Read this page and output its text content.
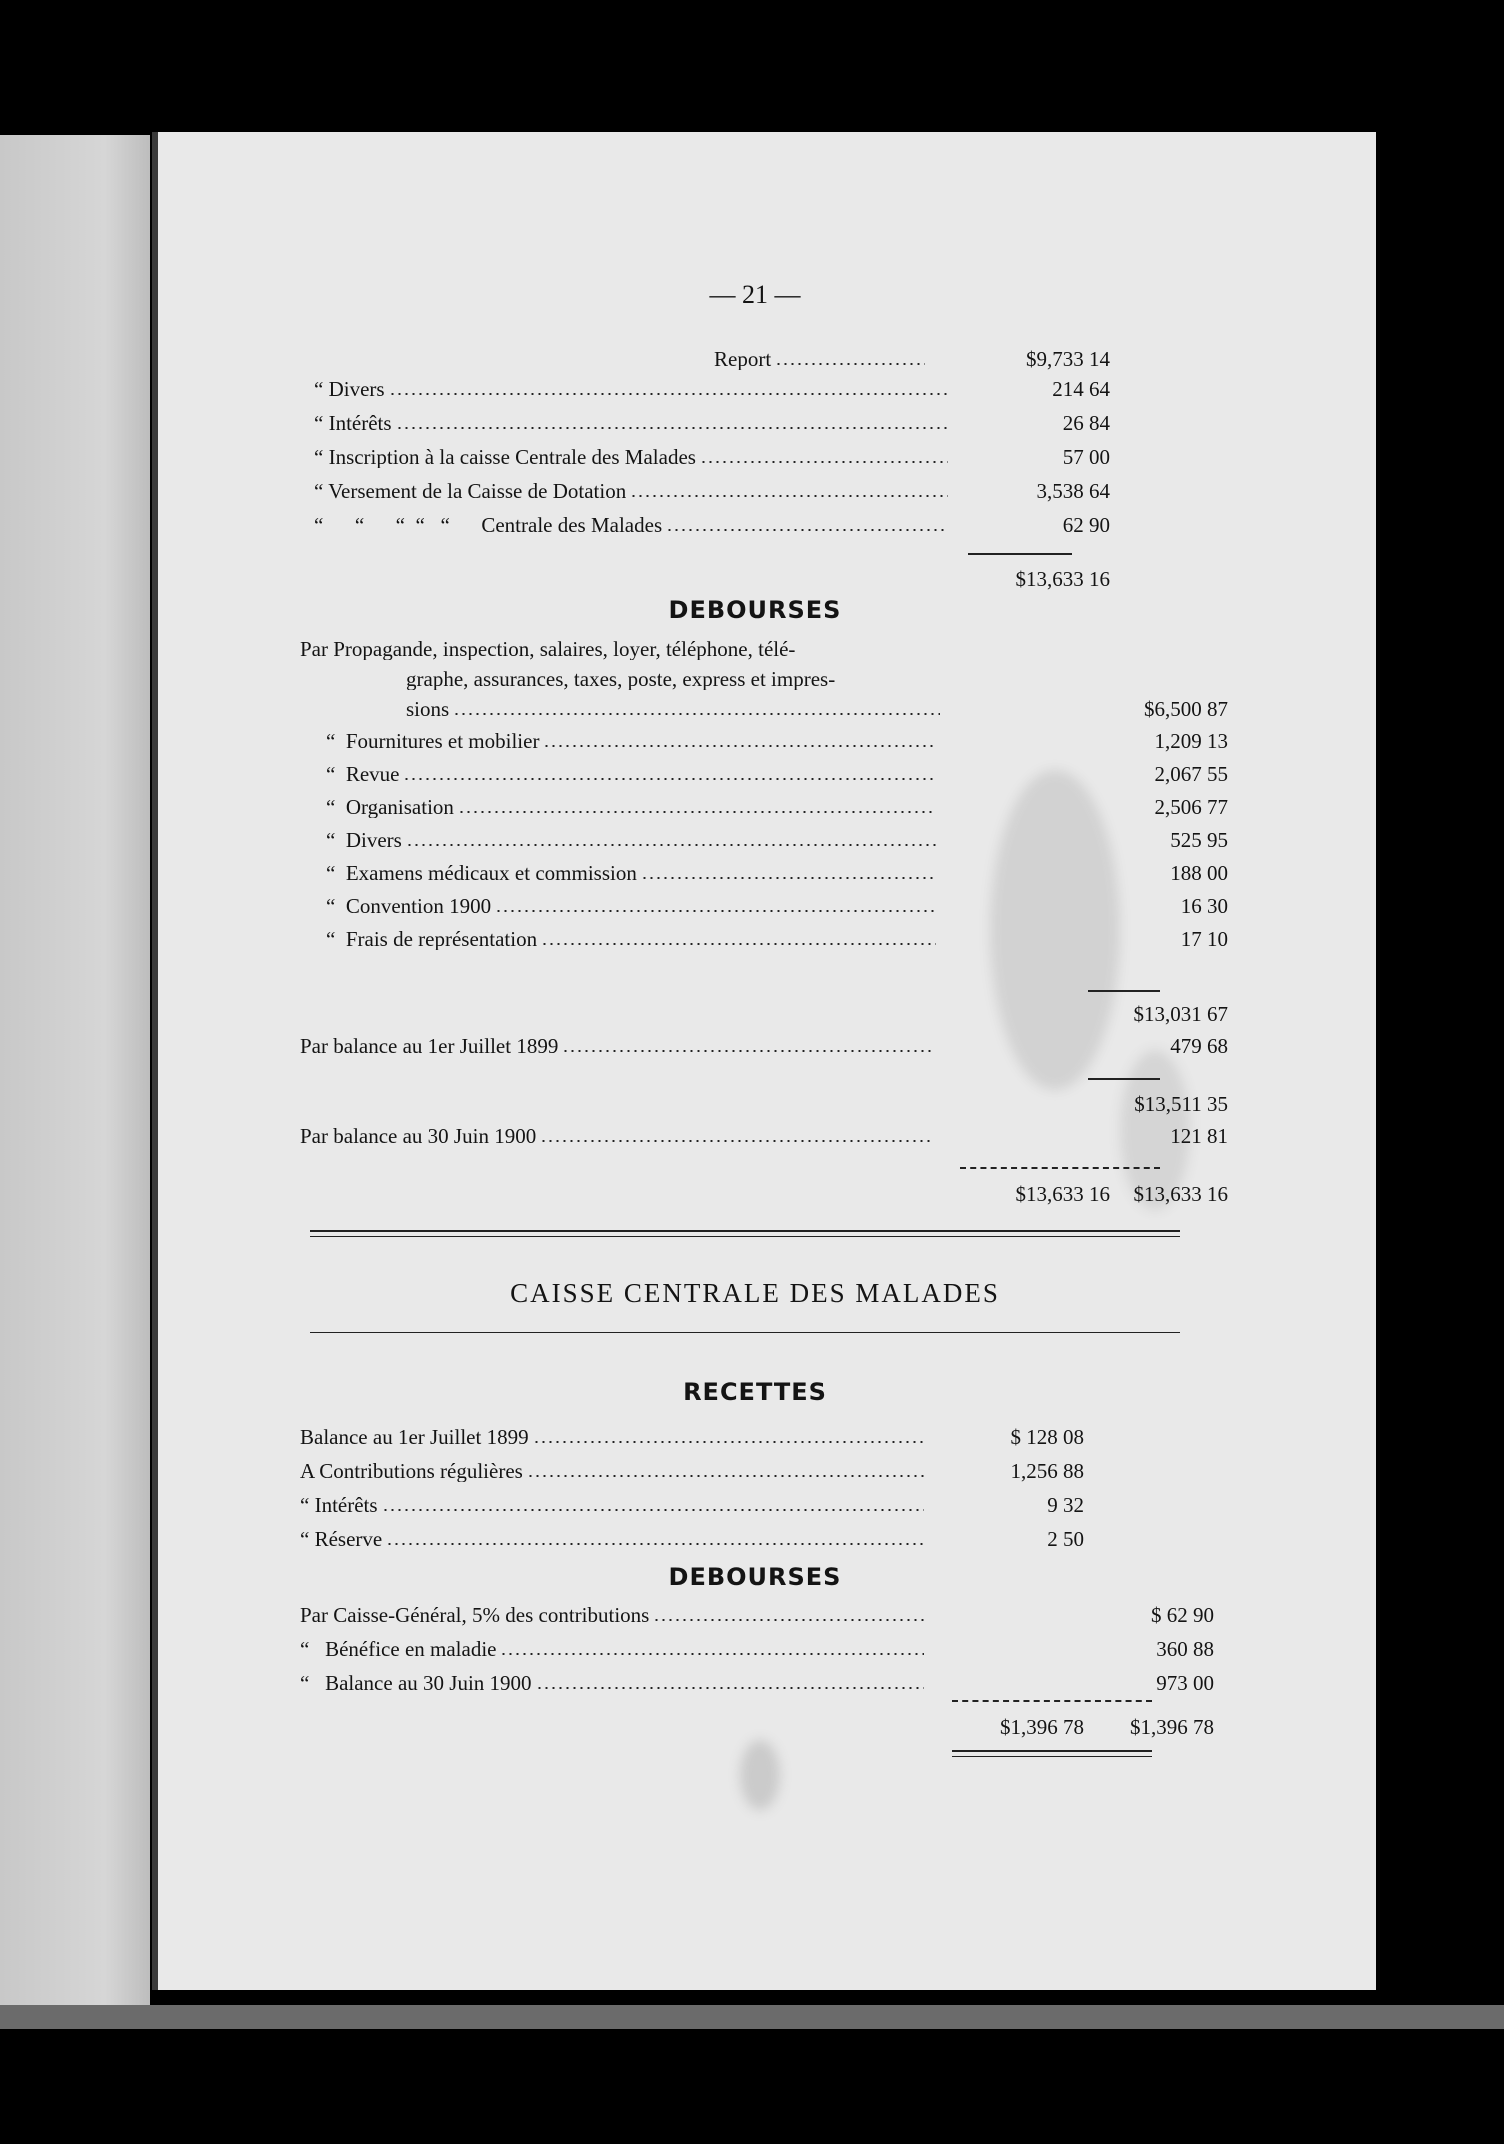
— 21 —
Report	$9,733 14
“ Divers	214 64
“ Intérêts	26 84
“ Inscription à la caisse Centrale des Malades	57 00
“ Versement de la Caisse de Dotation	3,538 64
“      “      “  “   “      Centrale des Malades	62 90
$13,633 16
DEBOURSES
Par Propagande, inspection, salaires, loyer, téléphone, télé-
graphe, assurances, taxes, poste, express et impres-
sions	$6,500 87
“  Fournitures et mobilier	1,209 13
“  Revue	2,067 55
“  Organisation	2,506 77
“  Divers	525 95
“  Examens médicaux et commission	188 00
“  Convention 1900	16 30
“  Frais de représentation	17 10
$13,031 67
Par balance au 1er Juillet 1899	479 68
$13,511 35
Par balance au 30 Juin 1900	121 81
$13,633 16 $13,633 16
CAISSE CENTRALE DES MALADES
RECETTES
Balance au 1er Juillet 1899	$ 128 08
A Contributions régulières	1,256 88
“ Intérêts	9 32
“ Réserve	2 50
DEBOURSES
Par Caisse-Général, 5% des contributions	$ 62 90
“   Bénéfice en maladie	360 88
“   Balance au 30 Juin 1900	973 00
$1,396 78 $1,396 78
